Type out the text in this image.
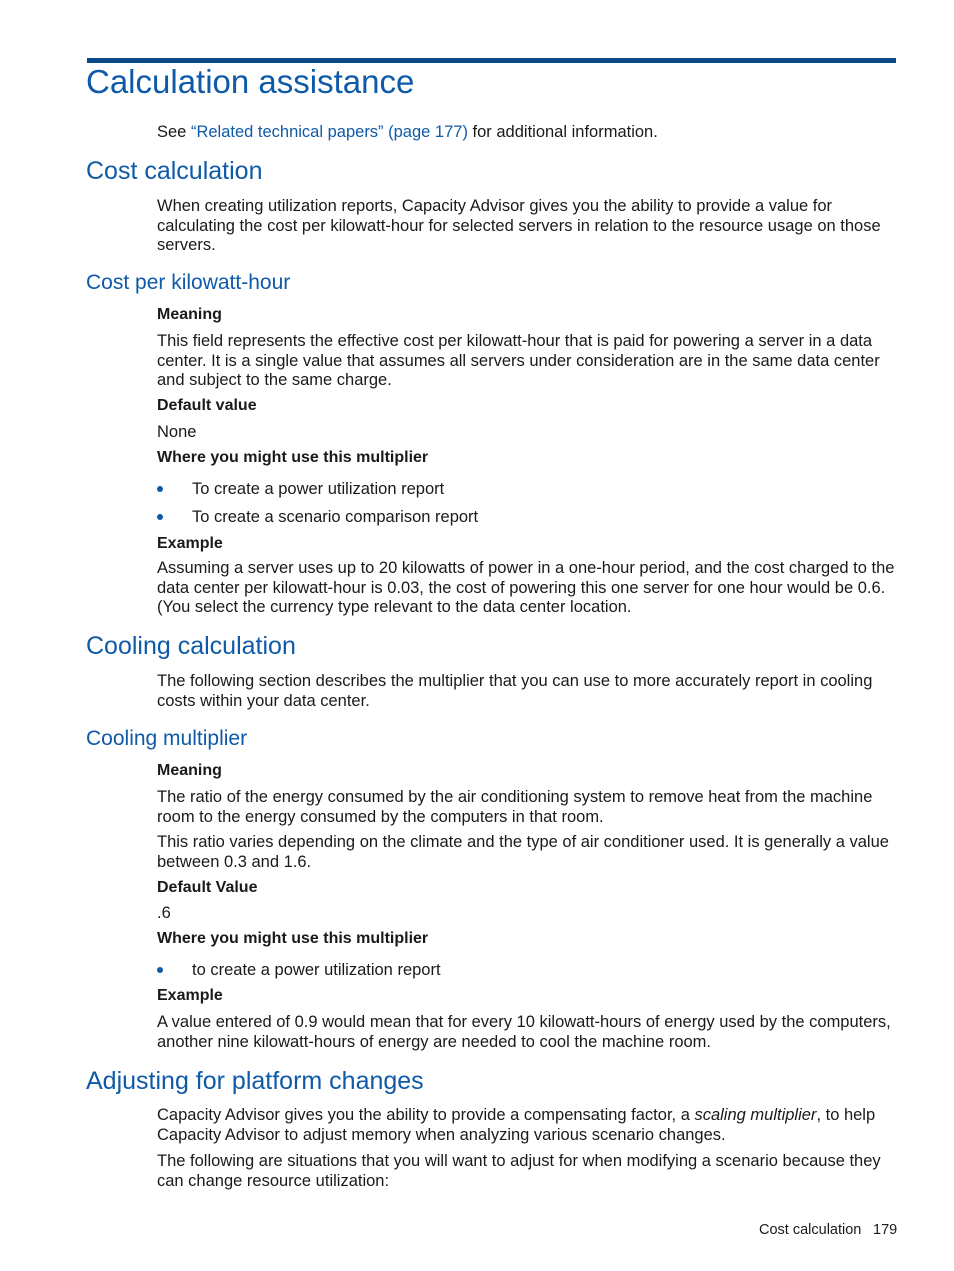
Calculation assistance

See “Related technical papers” (page 177) for additional information.

Cost calculation

When creating utilization reports, Capacity Advisor gives you the ability to provide a value for calculating the cost per kilowatt-hour for selected servers in relation to the resource usage on those servers.

Cost per kilowatt-hour

Meaning

This field represents the effective cost per kilowatt-hour that is paid for powering a server in a data center. It is a single value that assumes all servers under consideration are in the same data center and subject to the same charge.

Default value

None

Where you might use this multiplier

To create a power utilization report
To create a scenario comparison report

Example

Assuming a server uses up to 20 kilowatts of power in a one-hour period, and the cost charged to the data center per kilowatt-hour is 0.03, the cost of powering this one server for one hour would be 0.6. (You select the currency type relevant to the data center location.

Cooling calculation

The following section describes the multiplier that you can use to more accurately report in cooling costs within your data center.

Cooling multiplier

Meaning

The ratio of the energy consumed by the air conditioning system to remove heat from the machine room to the energy consumed by the computers in that room.

This ratio varies depending on the climate and the type of air conditioner used. It is generally a value between 0.3 and 1.6.

Default Value

.6

Where you might use this multiplier

to create a power utilization report

Example

A value entered of 0.9 would mean that for every 10 kilowatt-hours of energy used by the computers, another nine kilowatt-hours of energy are needed to cool the machine room.

Adjusting for platform changes

Capacity Advisor gives you the ability to provide a compensating factor, a scaling multiplier, to help Capacity Advisor to adjust memory when analyzing various scenario changes.

The following are situations that you will want to adjust for when modifying a scenario because they can change resource utilization:

Cost calculation 179
